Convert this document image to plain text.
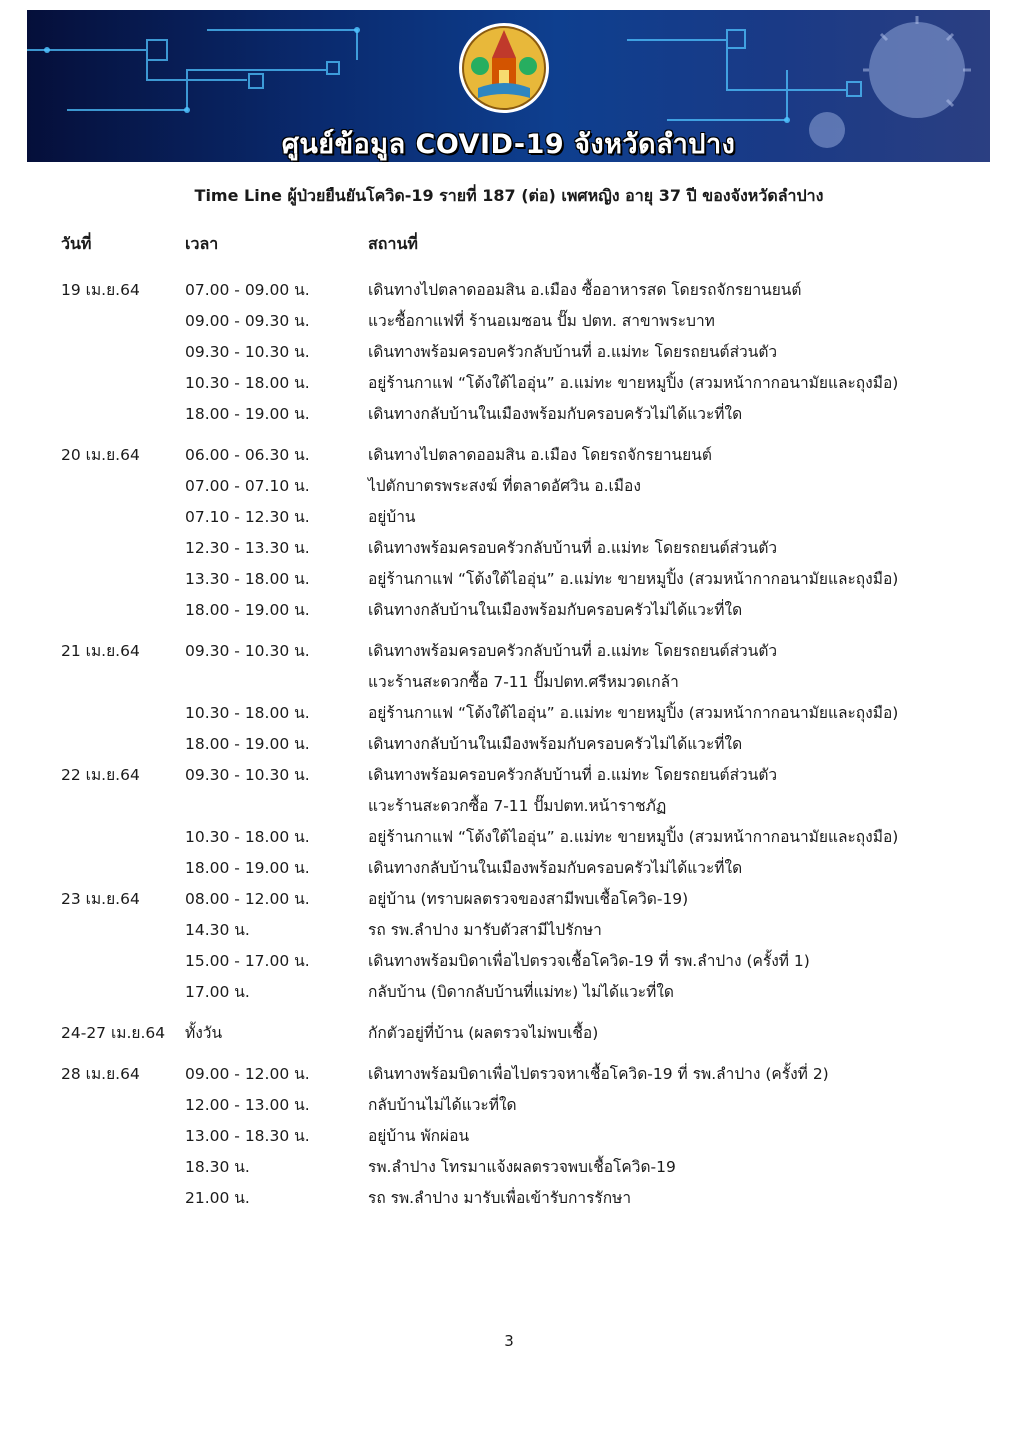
ศูนย์ข้อมูล COVID-19 จังหวัดลำปาง
Time Line ผู้ป่วยยืนยันโควิด-19 รายที่ 187 (ต่อ) เพศหญิง อายุ 37 ปี ของจังหวัดลำปาง
วันที่	เวลา	สถานที่
19 เม.ย.64	07.00 - 09.00 น.	เดินทางไปตลาดออมสิน อ.เมือง ซื้ออาหารสด โดยรถจักรยานยนต์
09.00 - 09.30 น.	แวะซื้อกาแฟที่ ร้านอเมซอน ปั๊ม ปตท. สาขาพระบาท
09.30 - 10.30 น.	เดินทางพร้อมครอบครัวกลับบ้านที่ อ.แม่ทะ โดยรถยนต์ส่วนตัว
10.30 - 18.00 น.	อยู่ร้านกาแฟ “โต้งใต้ไออุ่น” อ.แม่ทะ ขายหมูปิ้ง (สวมหน้ากากอนามัยและถุงมือ)
18.00 - 19.00 น.	เดินทางกลับบ้านในเมืองพร้อมกับครอบครัวไม่ได้แวะที่ใด
20 เม.ย.64	06.00 - 06.30 น.	เดินทางไปตลาดออมสิน อ.เมือง โดยรถจักรยานยนต์
07.00 - 07.10 น.	ไปตักบาตรพระสงฆ์ ที่ตลาดอัศวิน อ.เมือง
07.10 - 12.30 น.	อยู่บ้าน
12.30 - 13.30 น.	เดินทางพร้อมครอบครัวกลับบ้านที่ อ.แม่ทะ โดยรถยนต์ส่วนตัว
13.30 - 18.00 น.	อยู่ร้านกาแฟ “โต้งใต้ไออุ่น” อ.แม่ทะ ขายหมูปิ้ง (สวมหน้ากากอนามัยและถุงมือ)
18.00 - 19.00 น.	เดินทางกลับบ้านในเมืองพร้อมกับครอบครัวไม่ได้แวะที่ใด
21 เม.ย.64	09.30 - 10.30 น.	เดินทางพร้อมครอบครัวกลับบ้านที่ อ.แม่ทะ โดยรถยนต์ส่วนตัว
แวะร้านสะดวกซื้อ 7-11 ปั๊มปตท.ศรีหมวดเกล้า
10.30 - 18.00 น.	อยู่ร้านกาแฟ “โต้งใต้ไออุ่น” อ.แม่ทะ ขายหมูปิ้ง (สวมหน้ากากอนามัยและถุงมือ)
18.00 - 19.00 น.	เดินทางกลับบ้านในเมืองพร้อมกับครอบครัวไม่ได้แวะที่ใด
22 เม.ย.64	09.30 - 10.30 น.	เดินทางพร้อมครอบครัวกลับบ้านที่ อ.แม่ทะ โดยรถยนต์ส่วนตัว
แวะร้านสะดวกซื้อ 7-11 ปั๊มปตท.หน้าราชภัฏ
10.30 - 18.00 น.	อยู่ร้านกาแฟ “โต้งใต้ไออุ่น” อ.แม่ทะ ขายหมูปิ้ง (สวมหน้ากากอนามัยและถุงมือ)
18.00 - 19.00 น.	เดินทางกลับบ้านในเมืองพร้อมกับครอบครัวไม่ได้แวะที่ใด
23 เม.ย.64	08.00 - 12.00 น.	อยู่บ้าน (ทราบผลตรวจของสามีพบเชื้อโควิด-19)
14.30 น.	รถ รพ.ลำปาง มารับตัวสามีไปรักษา
15.00 - 17.00 น.	เดินทางพร้อมบิดาเพื่อไปตรวจเชื้อโควิด-19 ที่ รพ.ลำปาง (ครั้งที่ 1)
17.00 น.	กลับบ้าน (บิดากลับบ้านที่แม่ทะ) ไม่ได้แวะที่ใด
24-27 เม.ย.64 ทั้งวัน	กักตัวอยู่ที่บ้าน (ผลตรวจไม่พบเชื้อ)
28 เม.ย.64	09.00 - 12.00 น.	เดินทางพร้อมบิดาเพื่อไปตรวจหาเชื้อโควิด-19 ที่ รพ.ลำปาง (ครั้งที่ 2)
12.00 - 13.00 น.	กลับบ้านไม่ได้แวะที่ใด
13.00 - 18.30 น.	อยู่บ้าน พักผ่อน
18.30 น.	รพ.ลำปาง โทรมาแจ้งผลตรวจพบเชื้อโควิด-19
21.00 น.	รถ รพ.ลำปาง มารับเพื่อเข้ารับการรักษา
3
